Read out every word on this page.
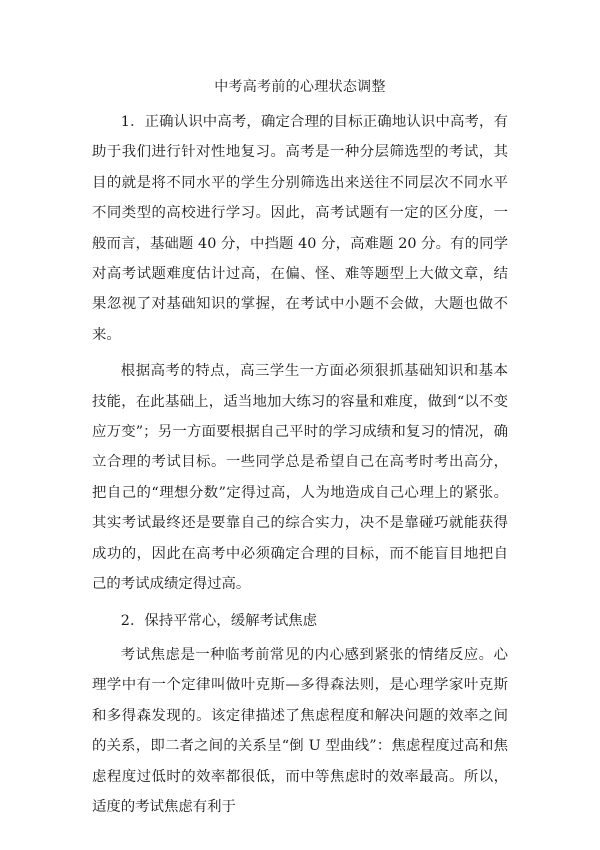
中考高考前的心理状态调整

1．正确认识中高考，确定合理的目标正确地认识中高考，有助于我们进行针对性地复习。高考是一种分层筛选型的考试，其目的就是将不同水平的学生分别筛选出来送往不同层次不同水平不同类型的高校进行学习。因此，高考试题有一定的区分度，一般而言，基础题 40 分，中挡题 40 分，高难题 20 分。有的同学对高考试题难度估计过高，在偏、怪、难等题型上大做文章，结果忽视了对基础知识的掌握，在考试中小题不会做，大题也做不来。

根据高考的特点，高三学生一方面必须狠抓基础知识和基本技能，在此基础上，适当地加大练习的容量和难度，做到“以不变应万变”；另一方面要根据自己平时的学习成绩和复习的情况，确立合理的考试目标。一些同学总是希望自己在高考时考出高分，把自己的“理想分数”定得过高，人为地造成自己心理上的紧张。其实考试最终还是要靠自己的综合实力，决不是靠碰巧就能获得成功的，因此在高考中必须确定合理的目标，而不能盲目地把自己的考试成绩定得过高。

2．保持平常心，缓解考试焦虑

考试焦虑是一种临考前常见的内心感到紧张的情绪反应。心理学中有一个定律叫做叶克斯—多得森法则，是心理学家叶克斯和多得森发现的。该定律描述了焦虑程度和解决问题的效率之间的关系，即二者之间的关系呈“倒 U 型曲线”：焦虑程度过高和焦虑程度过低时的效率都很低，而中等焦虑时的效率最高。所以，适度的考试焦虑有利于
